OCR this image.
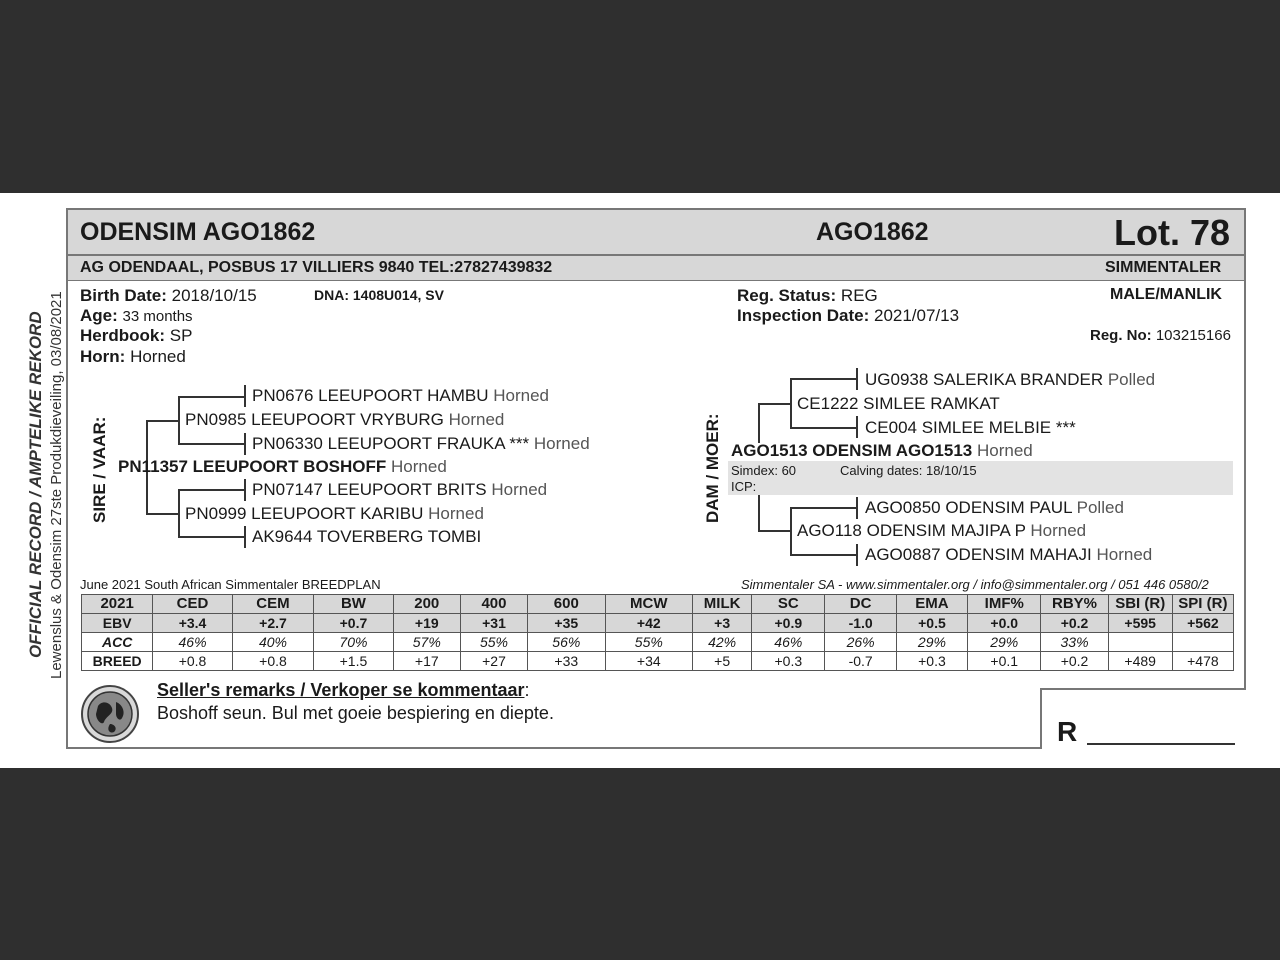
OFFICIAL RECORD / AMPTELIKE REKORD Lewenslus & Odensim 27ste Produkdieveiling, 03/08/2021
ODENSIM AGO1862	AGO1862	Lot. 78
AG ODENDAAL, POSBUS 17 VILLIERS 9840 TEL:27827439832	SIMMENTALER
Birth Date: 2018/10/15	DNA: 1408U014, SV
Age: 33 months
Herdbook: SP
Horn: Horned
Reg. Status: REG
Inspection Date: 2021/07/13
MALE/MANLIK
Reg. No: 103215166
SIRE / VAAR:
PN0676 LEEUPOORT HAMBU Horned
PN0985 LEEUPOORT VRYBURG Horned
PN06330 LEEUPOORT FRAUKA *** Horned
PN11357 LEEUPOORT BOSHOFF Horned
PN07147 LEEUPOORT BRITS Horned
PN0999 LEEUPOORT KARIBU Horned
AK9644 TOVERBERG TOMBI
DAM / MOER:
UG0938 SALERIKA BRANDER Polled
CE1222 SIMLEE RAMKAT
CE004 SIMLEE MELBIE ***
AGO1513 ODENSIM AGO1513 Horned
Simdex: 60	Calving dates: 18/10/15
ICP:
AGO0850 ODENSIM PAUL Polled
AGO118 ODENSIM MAJIPA P Horned
AGO0887 ODENSIM MAHAJI Horned
June 2021 South African Simmentaler BREEDPLAN	Simmentaler SA - www.simmentaler.org / info@simmentaler.org / 051 446 0580/2
2021	CED	CEM	BW	200	400	600	MCW	MILK	SC	DC	EMA	IMF%	RBY%	SBI (R)	SPI (R)
EBV	+3.4	+2.7	+0.7	+19	+31	+35	+42	+3	+0.9	-1.0	+0.5	+0.0	+0.2	+595	+562
ACC	46%	40%	70%	57%	55%	56%	55%	42%	46%	26%	29%	29%	33%		
BREED	+0.8	+0.8	+1.5	+17	+27	+33	+34	+5	+0.3	-0.7	+0.3	+0.1	+0.2	+489	+478
Seller's remarks / Verkoper se kommentaar:
Boshoff seun. Bul met goeie bespiering en diepte.
R
